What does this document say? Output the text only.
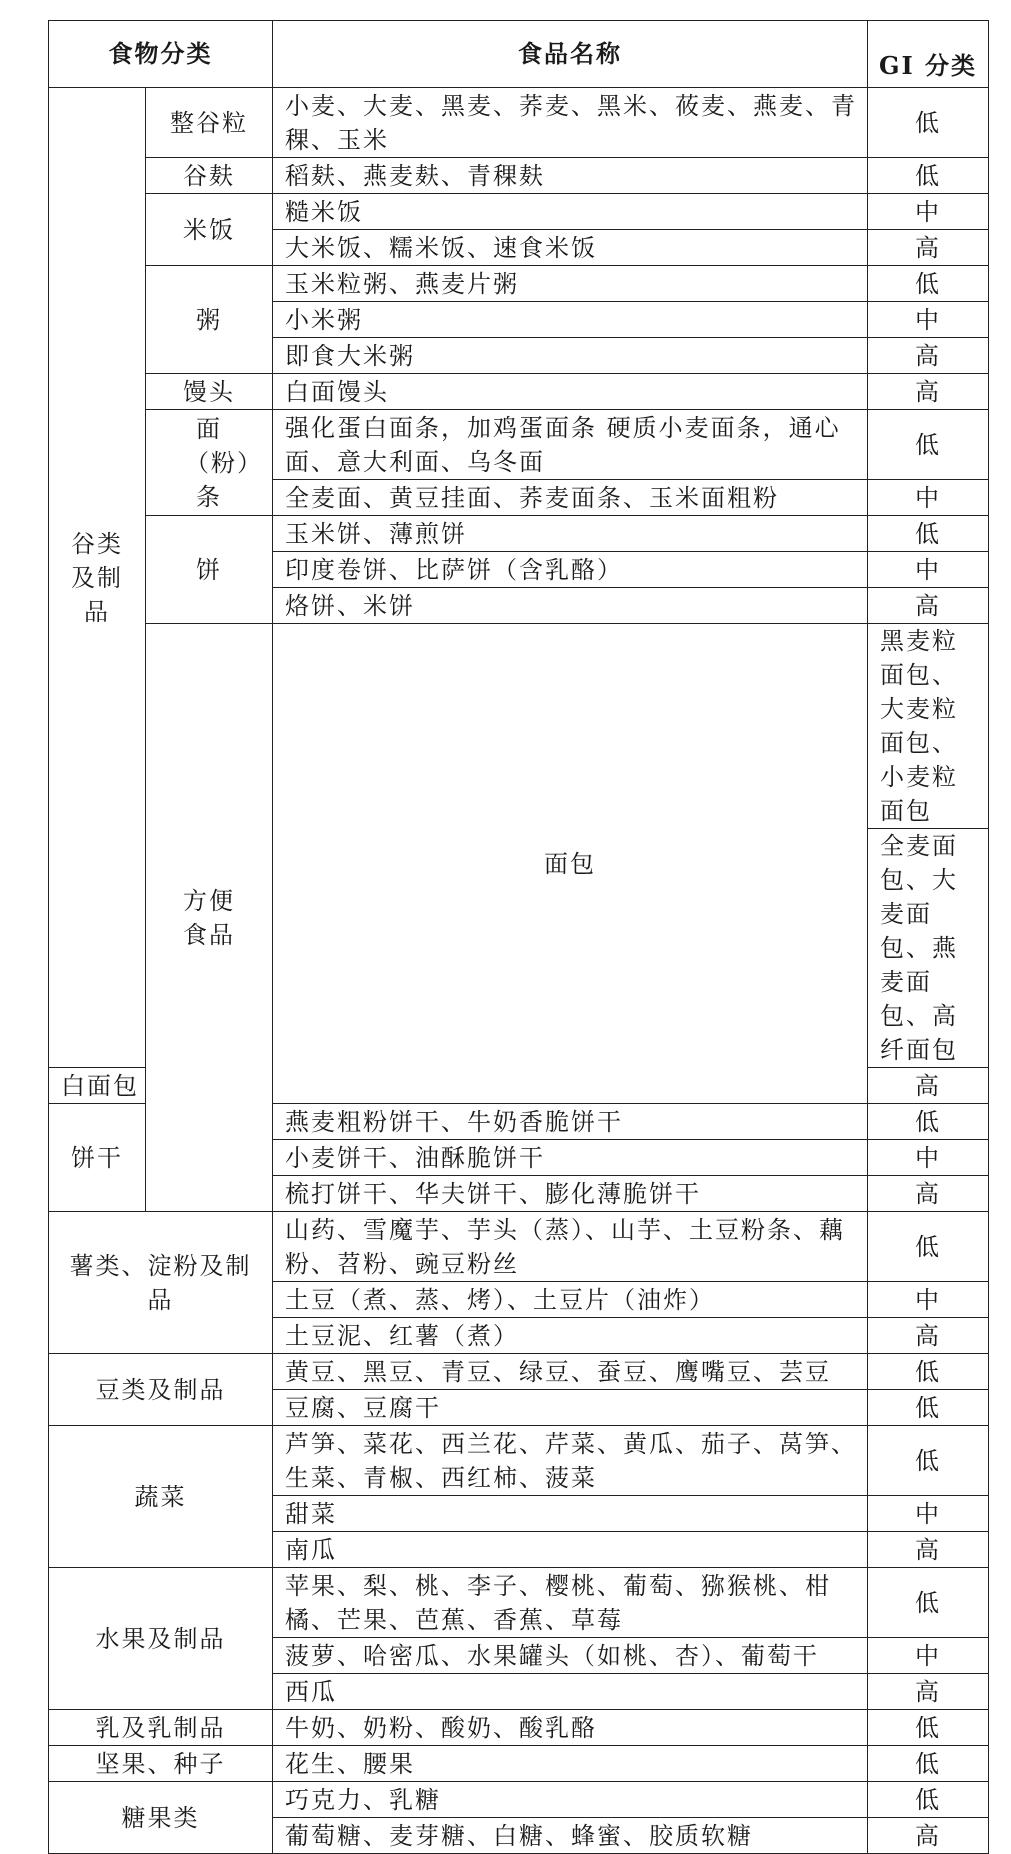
食物分类		食品名称	GI 分类	
谷类及制品	整谷粒	小麦、大麦、黑麦、荞麦、黑米、莜麦、燕麦、青稞、玉米	低	
	谷麸	稻麸、燕麦麸、青稞麸	低	
	米饭	糙米饭	中	
		大米饭、糯米饭、速食米饭	高	
	粥	玉米粒粥、燕麦片粥	低	
		小米粥	中	
		即食大米粥	高	
	馒头	白面馒头	高	
	面（粉）条	强化蛋白面条，加鸡蛋面条 硬质小麦面条，通心面、意大利面、乌冬面	低	
		全麦面、黄豆挂面、荞麦面条、玉米面粗粉	中	
	饼	玉米饼、薄煎饼	低	
		印度卷饼、比萨饼（含乳酪）	中	
		烙饼、米饼	高	
	方便食品	面包	黑麦粒面包、大麦粒面包、小麦粒面包	
			全麦面包、大麦面包、燕麦面包、高纤面包	
白面包			高	
饼干		燕麦粗粉饼干、牛奶香脆饼干	低	
		小麦饼干、油酥脆饼干	中	
		梳打饼干、华夫饼干、膨化薄脆饼干	高	
薯类、淀粉及制品		山药、雪魔芋、芋头（蒸）、山芋、土豆粉条、藕粉、苕粉、豌豆粉丝	低	
		土豆（煮、蒸、烤）、土豆片（油炸）	中	
		土豆泥、红薯（煮）	高	
豆类及制品		黄豆、黑豆、青豆、绿豆、蚕豆、鹰嘴豆、芸豆	低	
		豆腐、豆腐干	低	
蔬菜		芦笋、菜花、西兰花、芹菜、黄瓜、茄子、莴笋、生菜、青椒、西红柿、菠菜	低	
		甜菜	中	
		南瓜	高	
水果及制品		苹果、梨、桃、李子、樱桃、葡萄、猕猴桃、柑橘、芒果、芭蕉、香蕉、草莓	低	
		菠萝、哈密瓜、水果罐头（如桃、杏）、葡萄干	中	
		西瓜	高	
乳及乳制品		牛奶、奶粉、酸奶、酸乳酪	低	
坚果、种子		花生、腰果	低	
糖果类		巧克力、乳糖	低	
		葡萄糖、麦芽糖、白糖、蜂蜜、胶质软糖	高	
